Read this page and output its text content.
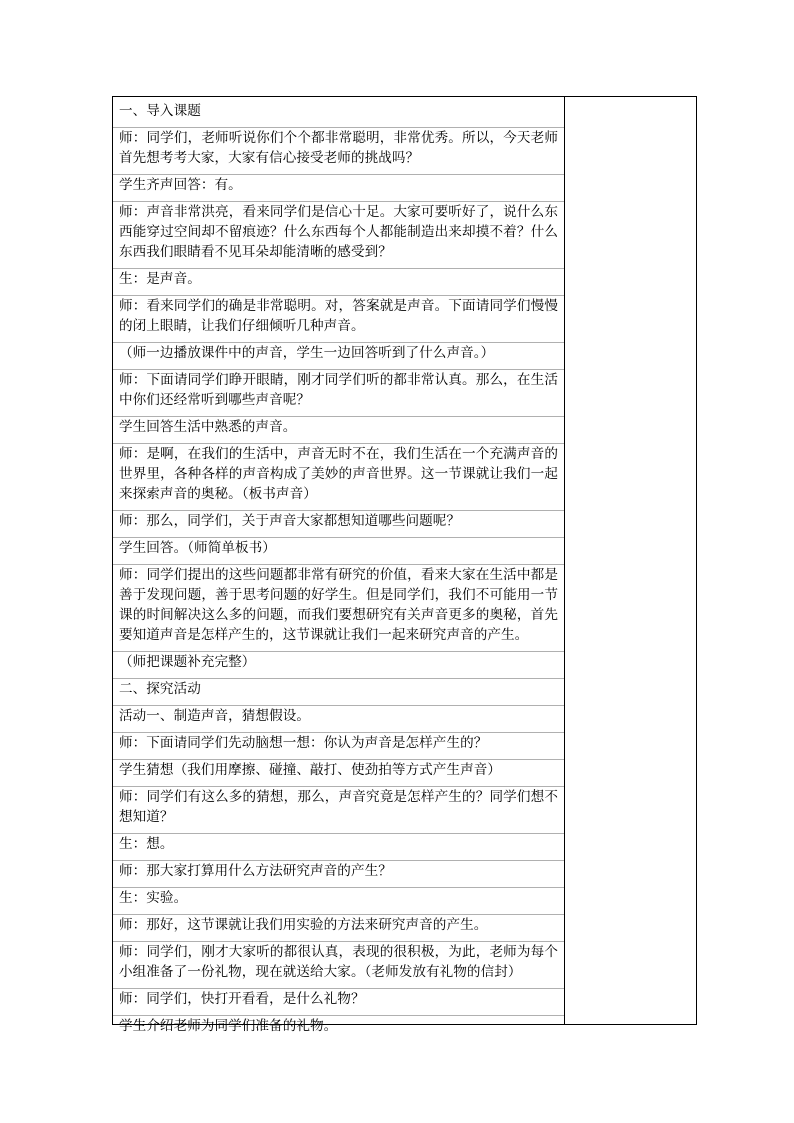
一、导入课题

师：同学们，老师听说你们个个都非常聪明，非常优秀。所以，今天老师首先想考考大家，大家有信心接受老师的挑战吗？

学生齐声回答：有。

师：声音非常洪亮，看来同学们是信心十足。大家可要听好了，说什么东西能穿过空间却不留痕迹？什么东西每个人都能制造出来却摸不着？什么东西我们眼睛看不见耳朵却能清晰的感受到？

生：是声音。

师：看来同学们的确是非常聪明。对，答案就是声音。下面请同学们慢慢的闭上眼睛，让我们仔细倾听几种声音。

（师一边播放课件中的声音，学生一边回答听到了什么声音。）

师：下面请同学们睁开眼睛，刚才同学们听的都非常认真。那么，在生活中你们还经常听到哪些声音呢？

学生回答生活中熟悉的声音。

师：是啊，在我们的生活中，声音无时不在，我们生活在一个充满声音的世界里，各种各样的声音构成了美妙的声音世界。这一节课就让我们一起来探索声音的奥秘。（板书声音）

师：那么，同学们，关于声音大家都想知道哪些问题呢？

学生回答。（师简单板书）

师：同学们提出的这些问题都非常有研究的价值，看来大家在生活中都是善于发现问题，善于思考问题的好学生。但是同学们，我们不可能用一节课的时间解决这么多的问题，而我们要想研究有关声音更多的奥秘，首先要知道声音是怎样产生的，这节课就让我们一起来研究声音的产生。

（师把课题补充完整）

二、探究活动

活动一、制造声音，猜想假设。

师：下面请同学们先动脑想一想：你认为声音是怎样产生的？

学生猜想（我们用摩擦、碰撞、敲打、使劲拍等方式产生声音）

师：同学们有这么多的猜想，那么，声音究竟是怎样产生的？同学们想不想知道？

生：想。

师：那大家打算用什么方法研究声音的产生？

生：实验。

师：那好，这节课就让我们用实验的方法来研究声音的产生。

师：同学们，刚才大家听的都很认真，表现的很积极，为此，老师为每个小组准备了一份礼物，现在就送给大家。（老师发放有礼物的信封）

师：同学们，快打开看看，是什么礼物？

学生介绍老师为同学们准备的礼物。
